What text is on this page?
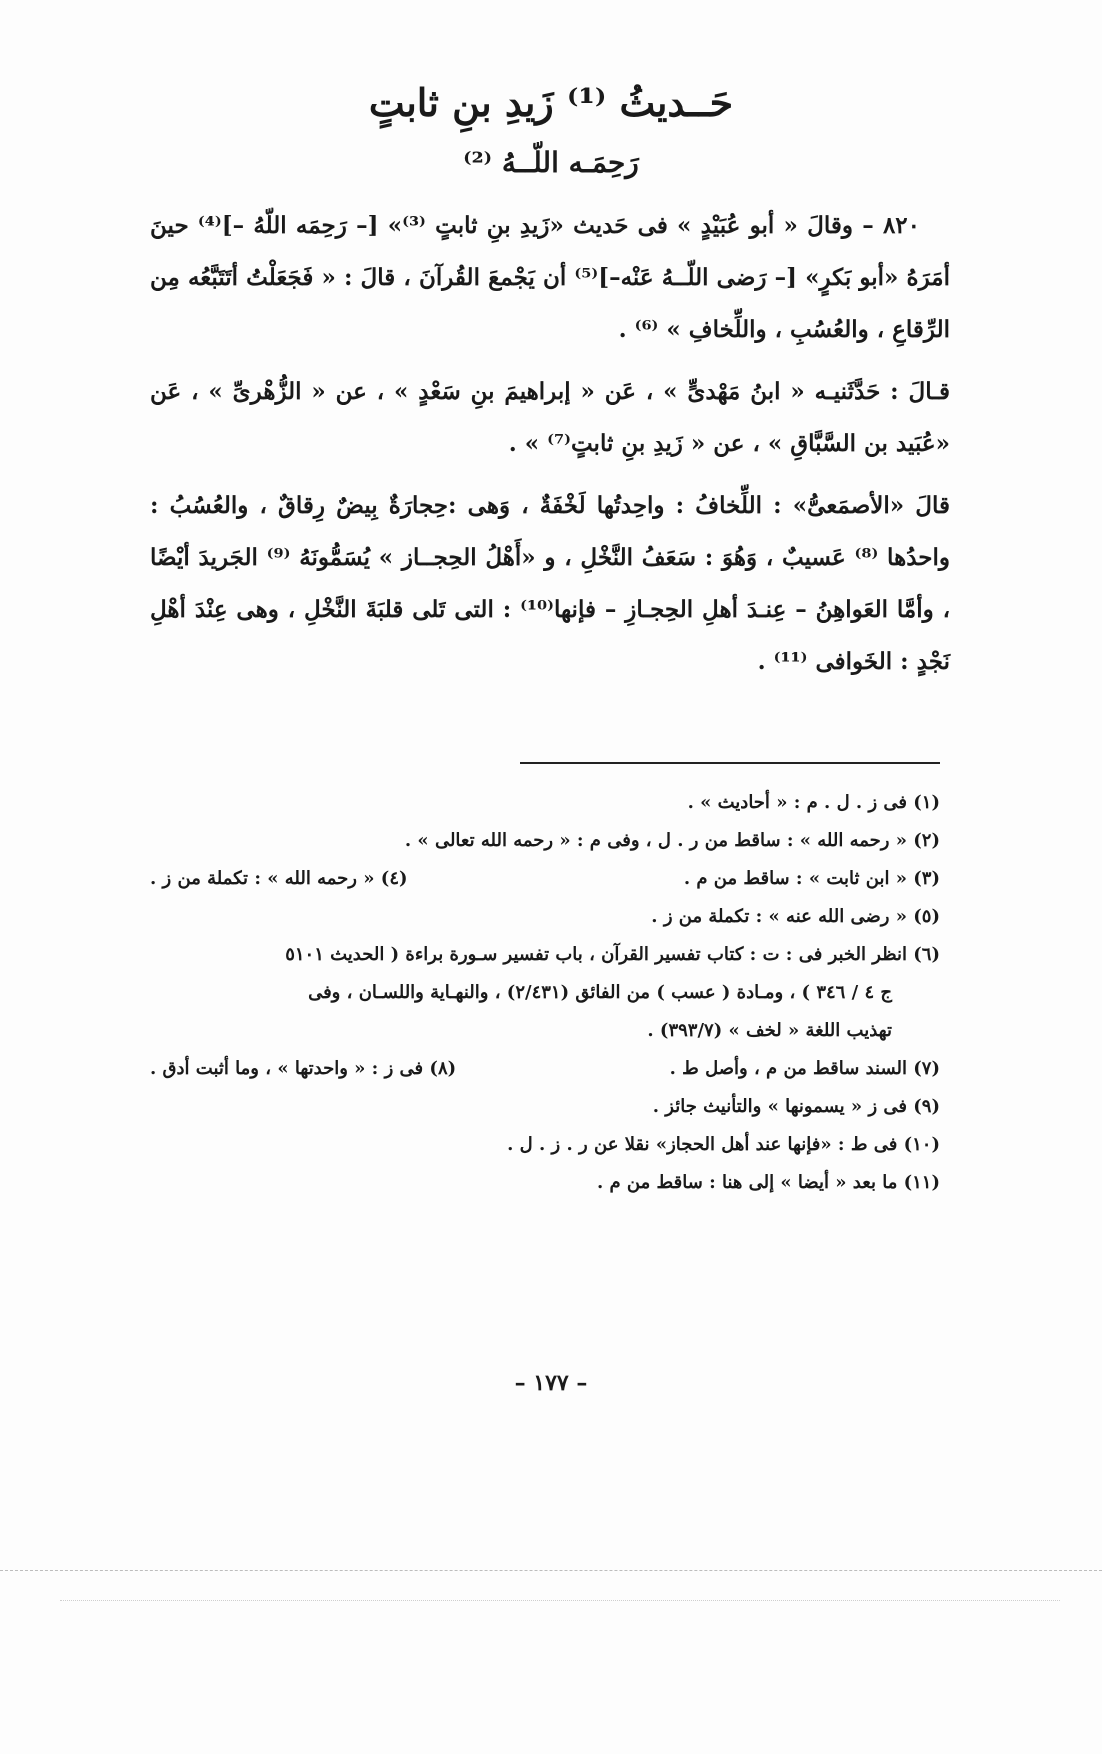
حَــديثُ ⁽¹⁾ زَيدِ بنِ ثابتٍ
رَحِمَـه اللّــهُ ⁽²⁾

٨٢٠ – وقالَ « أبو عُبَيْدٍ » فى حَديث «زَيدِ بنِ ثابتٍ ⁽³⁾» [– رَحِمَه اللّهُ –]⁽⁴⁾ حينَ أمَرَهُ «أبو بَكرٍ» [– رَضى اللّــهُ عَنْه–]⁽⁵⁾ أن يَجْمعَ القُرآنَ ، قالَ : « فَجَعَلْتُ أتَتَبَّعُه مِن الرِّقاعِ ، والعُسُبِ ، واللِّخافِ » ⁽⁶⁾ .

قـالَ : حَدَّثَنيـه « ابنُ مَهْدىٍّ » ، عَن « إبراهيمَ بنِ سَعْدٍ » ، عن « الزُّهْرىِّ » ، عَن «عُبَيد بن السَّبَّاقِ » ، عن « زَيدِ بنِ ثابتٍ⁽⁷⁾ » .

قالَ «الأصمَعىُّ» : اللِّخافُ : واحِدتُها لَخْفَةٌ ، وَهى :حِجارَةٌ بِيضٌ رِقاقٌ ، والعُسُبُ : واحدُها ⁽⁸⁾ عَسيبٌ ، وَهُوَ : سَعَفُ النَّخْلِ ، و «أَهْلُ الحِجــاز » يُسَمُّونَهُ ⁽⁹⁾ الجَريدَ أيْضًا ، وأمَّا العَواهِنُ – عِنـدَ أهلِ الحِجـازِ – فإنها⁽¹⁰⁾ : التى تَلى قلبَةَ النَّخْلِ ، وهى عِنْدَ أهْلِ نَجْدٍ : الخَوافى ⁽¹¹⁾ .

(١) فى ز . ل . م : « أحاديث » .

(٢) « رحمه الله » : ساقط من ر . ل ، وفى م : « رحمه الله تعالى » .

(٣) « ابن ثابت » : ساقط من م .
(٤) « رحمه الله » : تكملة من ز .

(٥) « رضى الله عنه » : تكملة من ز .

(٦) انظر الخبر فى : ت : كتاب تفسير القرآن ، باب تفسير سـورة براءة ( الحديث ٥١٠١

ج ٤ / ٣٤٦ ) ، ومـادة ( عسب ) من الفائق (٢/٤٣١) ، والنهـاية واللسـان ، وفى

تهذيب اللغة « لخف » (٣٩٣/٧) .

(٧) السند ساقط من م ، وأصل ط .
(٨) فى ز : « واحدتها » ، وما أثبت أدق .

(٩) فى ز « يسمونها » والتأنيث جائز .

(١٠) فى ط : «فإنها عند أهل الحجاز» نقلا عن ر . ز . ل .

(١١) ما بعد « أيضا » إلى هنا : ساقط من م .

– ١٧٧ –
